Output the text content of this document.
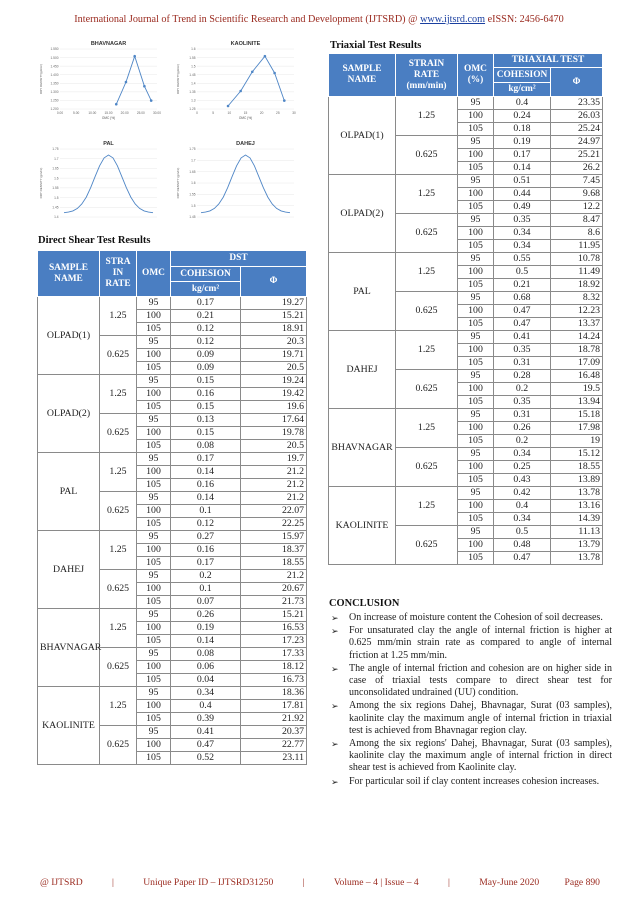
International Journal of Trend in Scientific Research and Development (IJTSRD) @ www.ijtsrd.com eISSN: 2456-6470
BHAVNAGAR
DRY DENSITY(gm/cc)
1.550
1.500
1.450
1.400
1.350
1.300
1.250
1.200
0.00	5.00	10.00	15.00	20.00	25.00	30.00
OMC (%)
KAOLINITE
DRY DENSITY(gm/cc)
1.6
1.55
1.5
1.45
1.4
1.35
1.3
1.25
0	5	10	15	20	25	30
OMC (%)
PAL
DRY DENSITY (gm/cc)
1.75
1.7
1.65
1.6
1.55
1.5
1.45
1.4
DAHEJ
DRY DENSITY (gm/cc)
1.75
1.7
1.65
1.6
1.55
1.5
1.45
Direct Shear Test Results
SAMPLE NAME	STRA IN RATE	OMC	DST	
			COHESION	Φ
			kg/cm²	
OLPAD(1)	1.25	95	0.17	19.27
		100	0.21	15.21
		105	0.12	18.91
	0.625	95	0.12	20.3
		100	0.09	19.71
		105	0.09	20.5
OLPAD(2)	1.25	95	0.15	19.24
		100	0.16	19.42
		105	0.15	19.6
	0.625	95	0.13	17.64
		100	0.15	19.78
		105	0.08	20.5
PAL	1.25	95	0.17	19.7
		100	0.14	21.2
		105	0.16	21.2
	0.625	95	0.14	21.2
		100	0.1	22.07
		105	0.12	22.25
DAHEJ	1.25	95	0.27	15.97
		100	0.16	18.37
		105	0.17	18.55
	0.625	95	0.2	21.2
		100	0.1	20.67
		105	0.07	21.73
BHAVNAGAR	1.25	95	0.26	15.21
		100	0.19	16.53
		105	0.14	17.23
	0.625	95	0.08	17.33
		100	0.06	18.12
		105	0.04	16.73
KAOLINITE	1.25	95	0.34	18.36
		100	0.4	17.81
		105	0.39	21.92
	0.625	95	0.41	20.37
		100	0.47	22.77
		105	0.52	23.11
Triaxial Test Results
SAMPLE NAME	STRAIN RATE (mm/min)	OMC (%)	TRIAXIAL TEST	
			COHESION	Φ
			kg/cm²	
OLPAD(1)	1.25	95	0.4	23.35
		100	0.24	26.03
		105	0.18	25.24
	0.625	95	0.19	24.97
		100	0.17	25.21
		105	0.14	26.2
OLPAD(2)	1.25	95	0.51	7.45
		100	0.44	9.68
		105	0.49	12.2
	0.625	95	0.35	8.47
		100	0.34	8.6
		105	0.34	11.95
PAL	1.25	95	0.55	10.78
		100	0.5	11.49
		105	0.21	18.92
	0.625	95	0.68	8.32
		100	0.47	12.23
		105	0.47	13.37
DAHEJ	1.25	95	0.41	14.24
		100	0.35	18.78
		105	0.31	17.09
	0.625	95	0.28	16.48
		100	0.2	19.5
		105	0.35	13.94
BHAVNAGAR	1.25	95	0.31	15.18
		100	0.26	17.98
		105	0.2	19
	0.625	95	0.34	15.12
		100	0.25	18.55
		105	0.43	13.89
KAOLINITE	1.25	95	0.42	13.78
		100	0.4	13.16
		105	0.34	14.39
	0.625	95	0.5	11.13
		100	0.48	13.79
		105	0.47	13.78
CONCLUSION
➢ On increase of moisture content the Cohesion of soil decreases.
➢ For unsaturated clay the angle of internal friction is higher at 0.625 mm/min strain rate as compared to angle of internal friction at 1.25 mm/min.
➢ The angle of internal friction and cohesion are on higher side in case of triaxial tests compare to direct shear test for unconsolidated undrained (UU) condition.
➢ Among the six regions Dahej, Bhavnagar, Surat (03 samples), kaolinite clay the maximum angle of internal friction in triaxial test is achieved from Bhavnagar region clay.
➢ Among the six regions' Dahej, Bhavnagar, Surat (03 samples), kaolinite clay the maximum angle of internal friction in direct shear test is achieved from Kaolinite clay.
➢ For particular soil if clay content increases cohesion increases.
@ IJTSRD	|	Unique Paper ID – IJTSRD31250	|	Volume – 4 | Issue – 4	|	May-June 2020	Page 890
